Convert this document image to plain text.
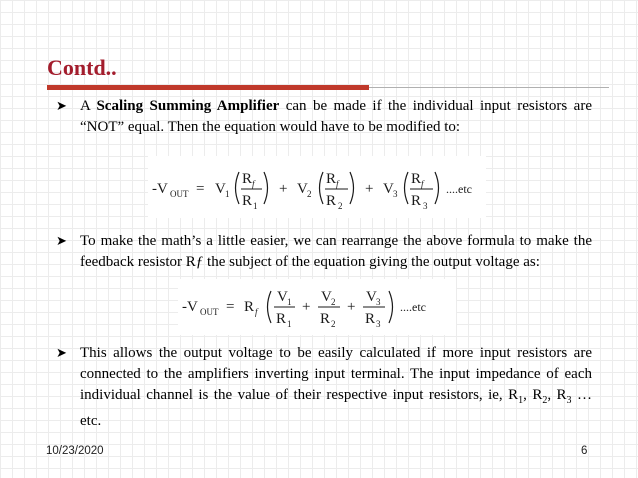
Contd..
➤ A Scaling Summing Amplifier can be made if the individual input resistors are “NOT” equal. Then the equation would have to be modified to:
-V OUT = V 1
R f
R 1
+ V 2
R f
R 2
+ V 3
R f
R 3
....etc
➤ To make the math’s a little easier, we can rearrange the above formula to make the feedback resistor Rƒ the subject of the equation giving the output voltage as:
-V OUT = R f
V 1
R 1
+
V 2
R 2
+
V 3
R 3
....etc
➤ This allows the output voltage to be easily calculated if more input resistors are connected to the amplifiers inverting input terminal. The input impedance of each individual channel is the value of their respective input resistors, ie, $R_1$, $R_2$, $R_3$ … etc.
10/23/2020	6
